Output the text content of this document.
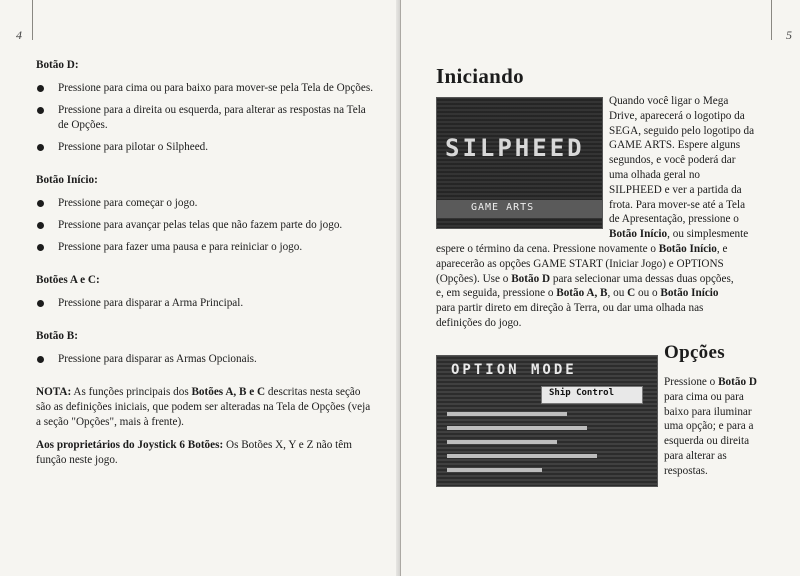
4
Botão D:
Pressione para cima ou para baixo para mover-se pela Tela de Opções.
Pressione para a direita ou esquerda, para alterar as respostas na Tela de Opções.
Pressione para pilotar o Silpheed.
Botão Início:
Pressione para começar o jogo.
Pressione para avançar pelas telas que não fazem parte do jogo.
Pressione para fazer uma pausa e para reiniciar o jogo.
Botões A e C:
Pressione para disparar a Arma Principal.
Botão B:
Pressione para disparar as Armas Opcionais.

NOTA: As funções principais dos Botões A, B e C descritas nesta seção são as definições iniciais, que podem ser alteradas na Tela de Opções (veja a seção "Opções", mais à frente).

Aos proprietários do Joystick 6 Botões: Os Botões X, Y e Z não têm função neste jogo.

5
Iniciando
SILPHEED
GAME ARTS
Quando você ligar o Mega
Drive, aparecerá o logotipo da
SEGA, seguido pelo logotipo da
GAME ARTS. Espere alguns
segundos, e você poderá dar
uma olhada geral no
SILPHEED e ver a partida da
frota. Para mover-se até a Tela
de Apresentação, pressione o
Botão Início, ou simplesmente
espere o término da cena. Pressione novamente o Botão Início, e
aparecerão as opções GAME START (Iniciar Jogo) e OPTIONS
(Opções). Use o Botão D para selecionar uma dessas duas opções,
e, em seguida, pressione o Botão A, B, ou C ou o Botão Início
para partir direto em direção à Terra, ou dar uma olhada nas
definições do jogo.
OPTION MODE
Ship Control
Opções
Pressione o Botão D
para cima ou para
baixo para iluminar
uma opção; e para a
esquerda ou direita
para alterar as
respostas.
